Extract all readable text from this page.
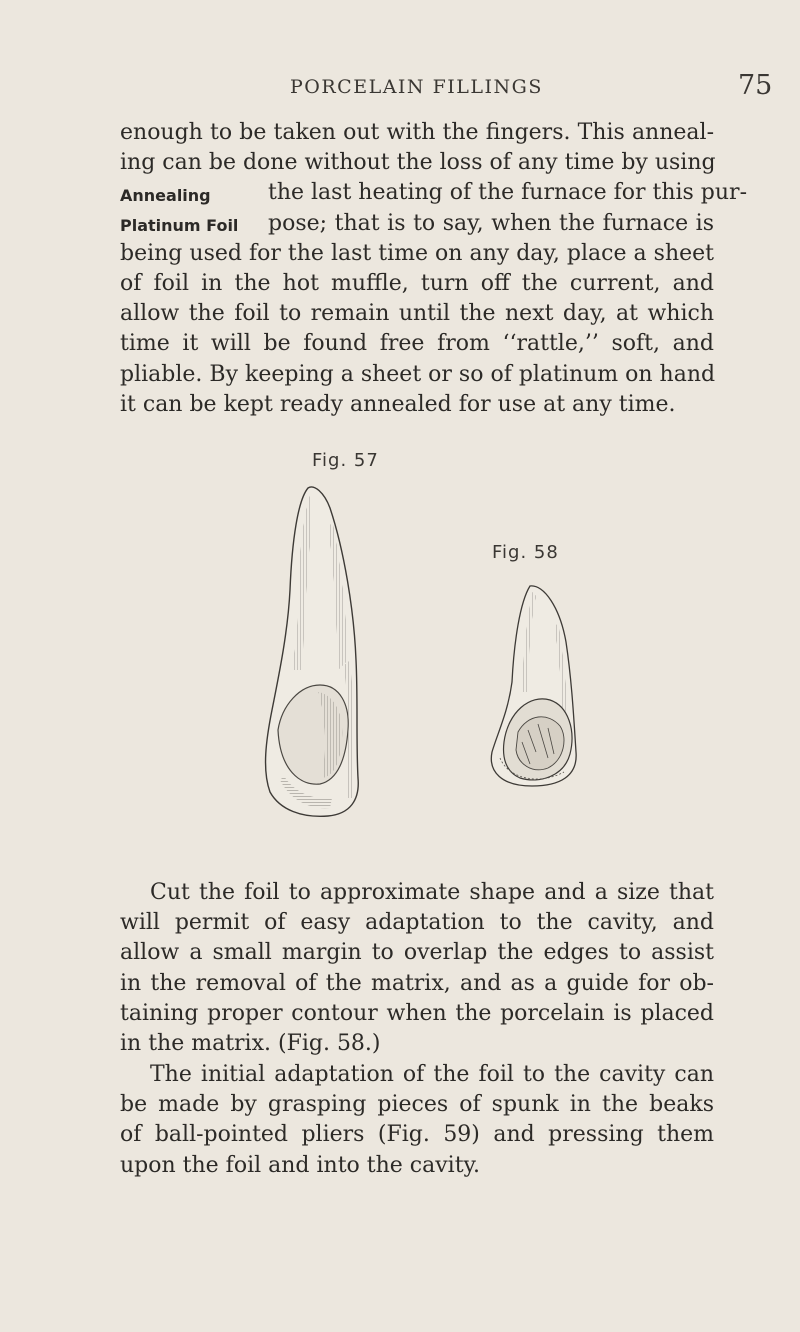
PORCELAIN FILLINGS	75
enough to be taken out with the fingers. This anneal-
ing can be done without the loss of any time by using
the last heating of the furnace for this pur-
pose; that is to say, when the furnace is
being used for the last time on any day, place a sheet
of foil in the hot muffle, turn off the current, and
allow the foil to remain until the next day, at which
time it will be found free from ‘‘rattle,’’ soft, and
pliable. By keeping a sheet or so of platinum on hand
it can be kept ready annealed for use at any time.
Annealing
Platinum Foil
Fig. 57
Fig. 58
Cut the foil to approximate shape and a size that
will permit of easy adaptation to the cavity, and
allow a small margin to overlap the edges to assist
in the removal of the matrix, and as a guide for ob-
taining proper contour when the porcelain is placed
in the matrix. (Fig. 58.)
The initial adaptation of the foil to the cavity can
be made by grasping pieces of spunk in the beaks
of ball-pointed pliers (Fig. 59) and pressing them
upon the foil and into the cavity.
